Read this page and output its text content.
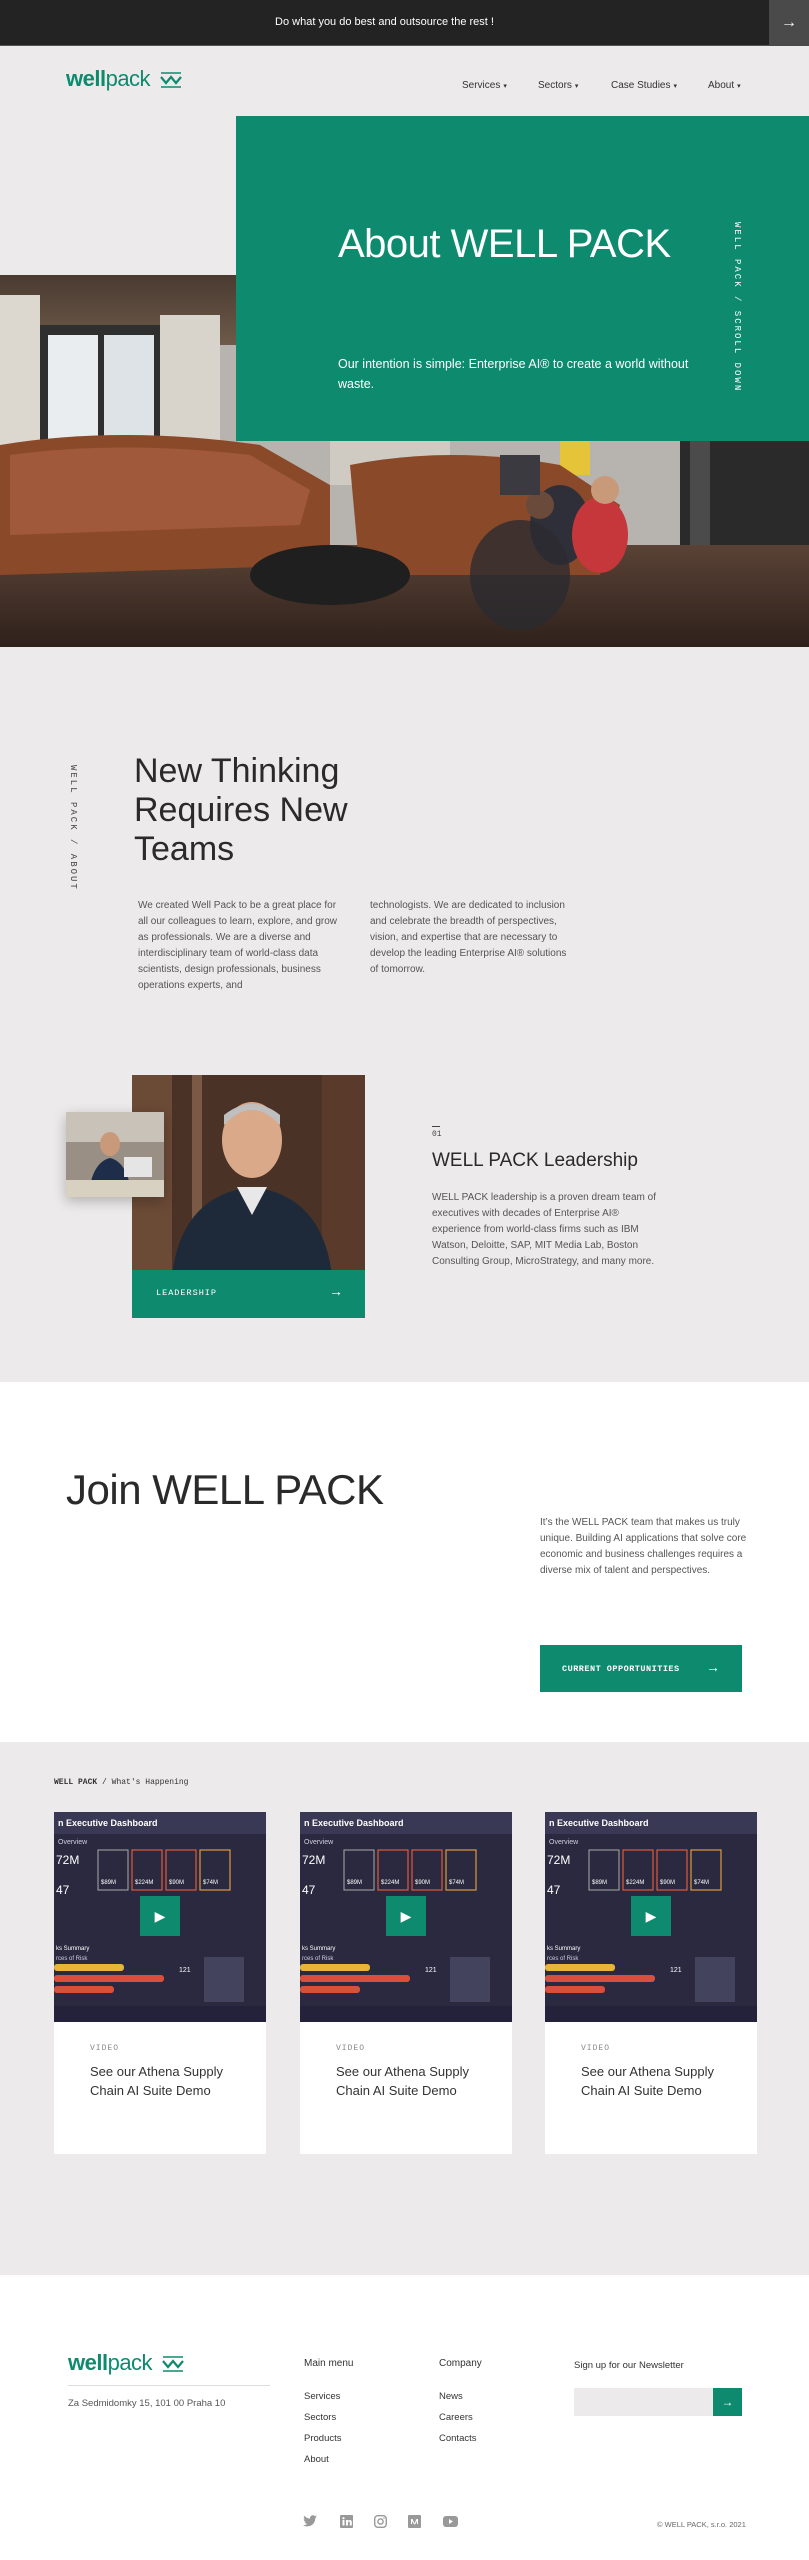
Do what you do best and outsource the rest !	→
wellpack	Services ▾	Sectors ▾	Case Studies ▾	About ▾
About WELL PACK
Our intention is simple: Enterprise AI® to create a world without waste.	WELL PACK / SCROLL DOWN
WELL PACK / ABOUT New Thinking Requires New Teams
We created Well Pack to be a great place for all our colleagues to learn, explore, and grow as professionals. We are a diverse and interdisciplinary team of world-class data scientists, design professionals, business operations experts, and
technologists. We are dedicated to inclusion and celebrate the breadth of perspectives, vision, and expertise that are necessary to develop the leading Enterprise AI® solutions of tomorrow.
LEADERSHIP	→
01
WELL PACK Leadership
WELL PACK leadership is a proven dream team of executives with decades of Enterprise AI® experience from world-class firms such as IBM Watson, Deloitte, SAP, MIT Media Lab, Boston Consulting Group, MicroStrategy, and many more.
Join WELL PACK
It’s the WELL PACK team that makes us truly unique. Building AI applications that solve core economic and business challenges requires a diverse mix of talent and perspectives.
CURRENT OPPORTUNITIES →
WELL PACK / What's Happening
n Executive Dashboard
Overview
72M
47	$89M	$224M	$90M	$74M
ks Summary
rces of Risk
121
▶
VIDEO
See our Athena Supply Chain AI Suite Demo
n Executive Dashboard
Overview
72M
47	$89M	$224M	$90M	$74M
ks Summary
rces of Risk
121
▶
VIDEO
See our Athena Supply Chain AI Suite Demo
n Executive Dashboard
Overview
72M
47	$89M	$224M	$90M	$74M
ks Summary
rces of Risk
121
▶
VIDEO
See our Athena Supply Chain AI Suite Demo
wellpack
Za Sedmidomky 15, 101 00 Praha 10
Main menu
Services
Sectors
Products
About
Company
News
Careers
Contacts
Sign up for our Newsletter
→
© WELL PACK, s.r.o. 2021
